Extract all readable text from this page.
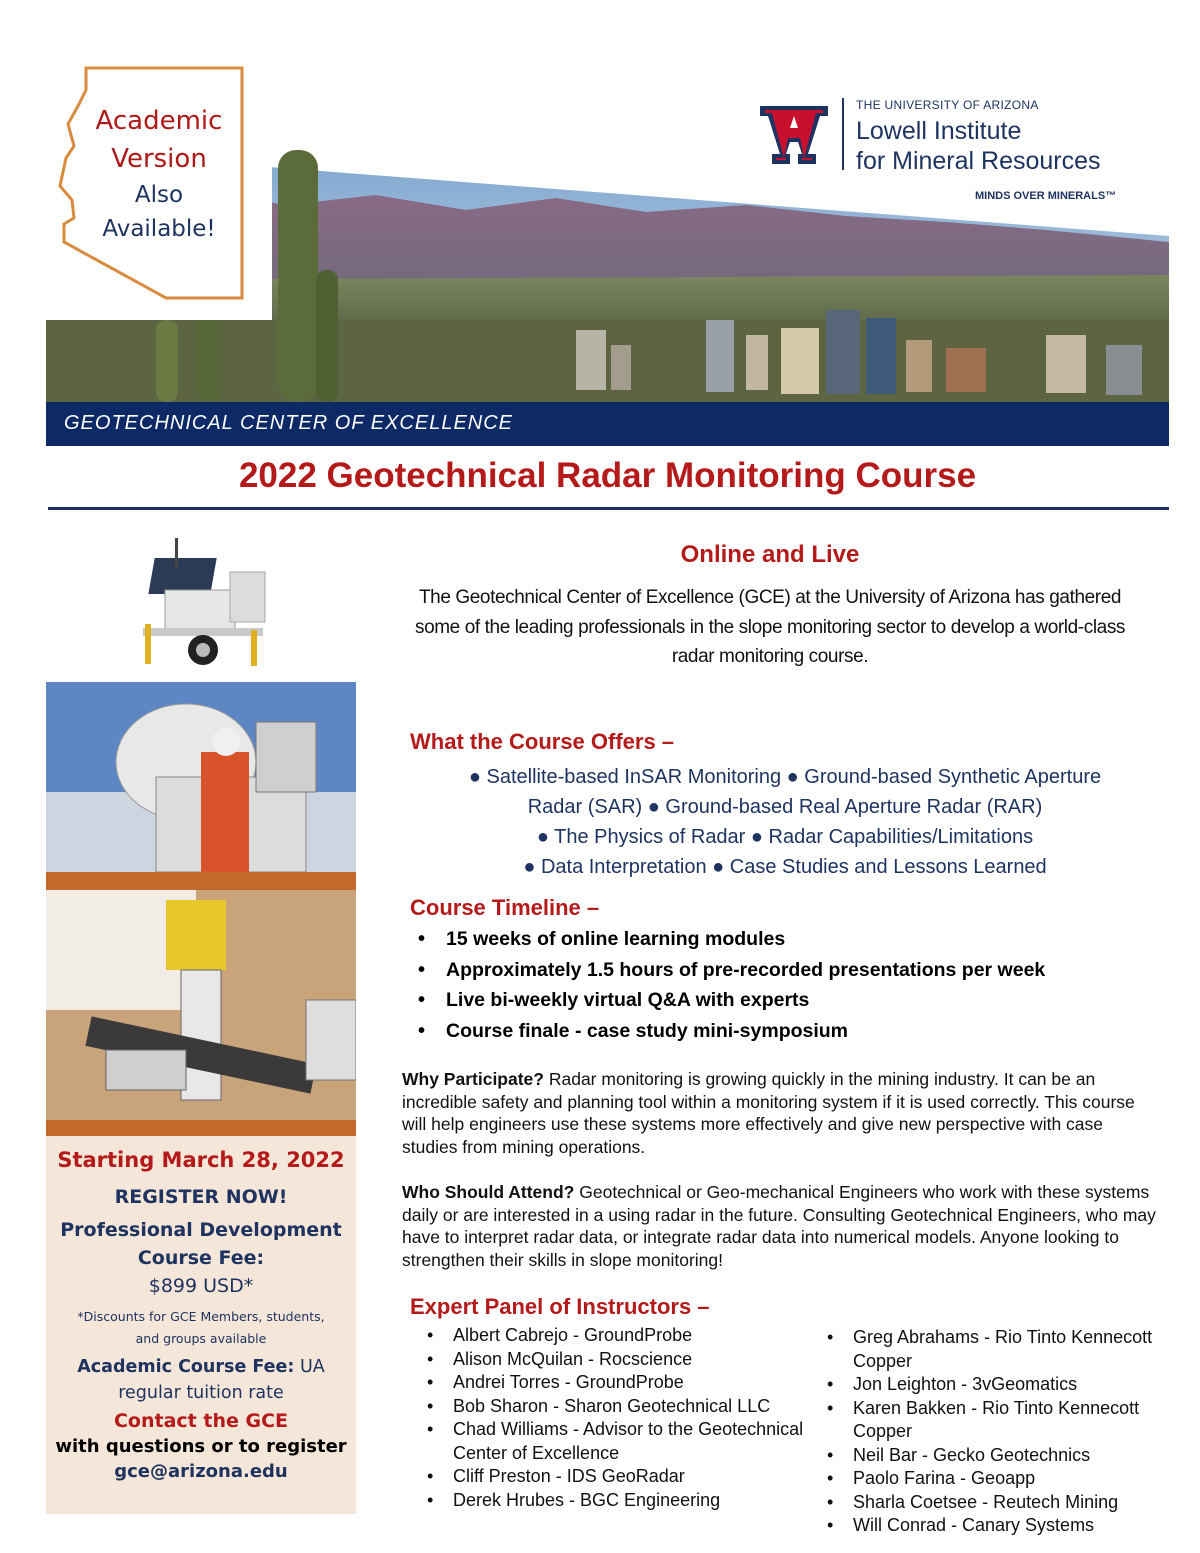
Academic
Version
Also
Available!
THE UNIVERSITY OF ARIZONA
Lowell Institute
for Mineral Resources
MINDS OVER MINERALS™
GEOTECHNICAL CENTER OF EXCELLENCE
2022 Geotechnical Radar Monitoring Course
Starting March 28, 2022
REGISTER NOW!
Professional Development
Course Fee:
$899 USD*
*Discounts for GCE Members, students,
and groups available
Academic Course Fee: UA
regular tuition rate
Contact the GCE
with questions or to register
gce@arizona.edu
Online and Live
The Geotechnical Center of Excellence (GCE) at the University of Arizona has gathered some of the leading professionals in the slope monitoring sector to develop a world-class radar monitoring course.
What the Course Offers –
● Satellite-based InSAR Monitoring ● Ground-based Synthetic Aperture
Radar (SAR) ● Ground-based Real Aperture Radar (RAR)
● The Physics of Radar ● Radar Capabilities/Limitations
● Data Interpretation ● Case Studies and Lessons Learned
Course Timeline –
• 15 weeks of online learning modules
• Approximately 1.5 hours of pre-recorded presentations per week
• Live bi-weekly virtual Q&A with experts
• Course finale - case study mini-symposium
Why Participate? Radar monitoring is growing quickly in the mining industry. It can be an incredible safety and planning tool within a monitoring system if it is used correctly. This course will help engineers use these systems more effectively and give new perspective with case studies from mining operations.
Who Should Attend? Geotechnical or Geo-mechanical Engineers who work with these systems daily or are interested in a using radar in the future. Consulting Geotechnical Engineers, who may have to interpret radar data, or integrate radar data into numerical models. Anyone looking to strengthen their skills in slope monitoring!
Expert Panel of Instructors –
• Albert Cabrejo - GroundProbe
• Alison McQuilan - Rocscience
• Andrei Torres - GroundProbe
• Bob Sharon - Sharon Geotechnical LLC
• Chad Williams - Advisor to the Geotechnical Center of Excellence
• Cliff Preston - IDS GeoRadar
• Derek Hrubes - BGC Engineering
• Greg Abrahams - Rio Tinto Kennecott Copper
• Jon Leighton - 3vGeomatics
• Karen Bakken - Rio Tinto Kennecott Copper
• Neil Bar - Gecko Geotechnics
• Paolo Farina - Geoapp
• Sharla Coetsee - Reutech Mining
• Will Conrad - Canary Systems
